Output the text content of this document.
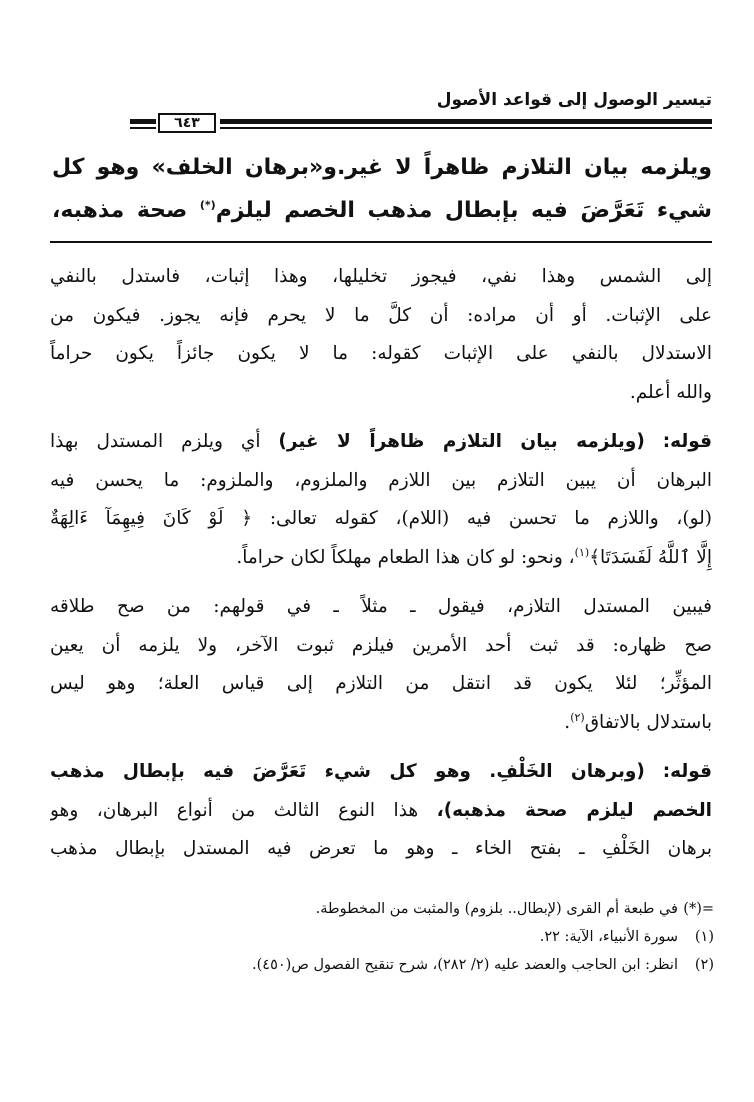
تيسير الوصول إلى قواعد الأصول
٦٤٣

ويلزمه بيان التلازم ظاهراً لا غير.و«برهان الخلف» وهو كل

شيء تَعَرَّضَ فيه بإبطال مذهب الخصم ليلزم(*) صحة مذهبه،

إلى الشمس وهذا نفي، فيجوز تخليلها، وهذا إثبات، فاستدل بالنفي
على الإثبات. أو أن مراده: أن كلَّ ما لا يحرم فإنه يجوز. فيكون من
الاستدلال بالنفي على الإثبات كقوله: ما لا يكون جائزاً يكون حراماً
والله أعلم.
قوله: (ويلزمه بيان التلازم ظاهراً لا غير) أي ويلزم المستدل بهذا
البرهان أن يبين التلازم بين اللازم والملزوم، والملزوم: ما يحسن فيه
(لو)، واللازم ما تحسن فيه (اللام)، كقوله تعالى: ﴿ لَوْ كَانَ فِيهِمَآ ءَالِهَةٌ
إِلَّا ٱللَّهُ لَفَسَدَتَا﴾$^{(١)}$، ونحو: لو كان هذا الطعام مهلكاً لكان حراماً.
فيبين المستدل التلازم، فيقول ـ مثلاً ـ في قولهم: من صح طلاقه
صح ظهاره: قد ثبت أحد الأمرين فيلزم ثبوت الآخر، ولا يلزمه أن يعين
المؤثِّر؛ لئلا يكون قد انتقل من التلازم إلى قياس العلة؛ وهو ليس
باستدلال بالاتفاق$^{(٢)}$.
قوله: (وبرهان الخَلْفِ. وهو كل شيء تَعَرَّضَ فيه بإبطال مذهب
الخصم ليلزم صحة مذهبه)، هذا النوع الثالث من أنواع البرهان، وهو
برهان الخَلْفِ ـ بفتح الخاء ـ وهو ما تعرض فيه المستدل بإبطال مذهب
=(*)
في طبعة أم القرى (لإبطال.. بلزوم) والمثبت من المخطوطة.
(١)
سورة الأنبياء، الآية: ٢٢.
(٢)
انظر: ابن الحاجب والعضد عليه (٢/ ٢٨٢)، شرح تنقيح الفصول ص(٤٥٠).
